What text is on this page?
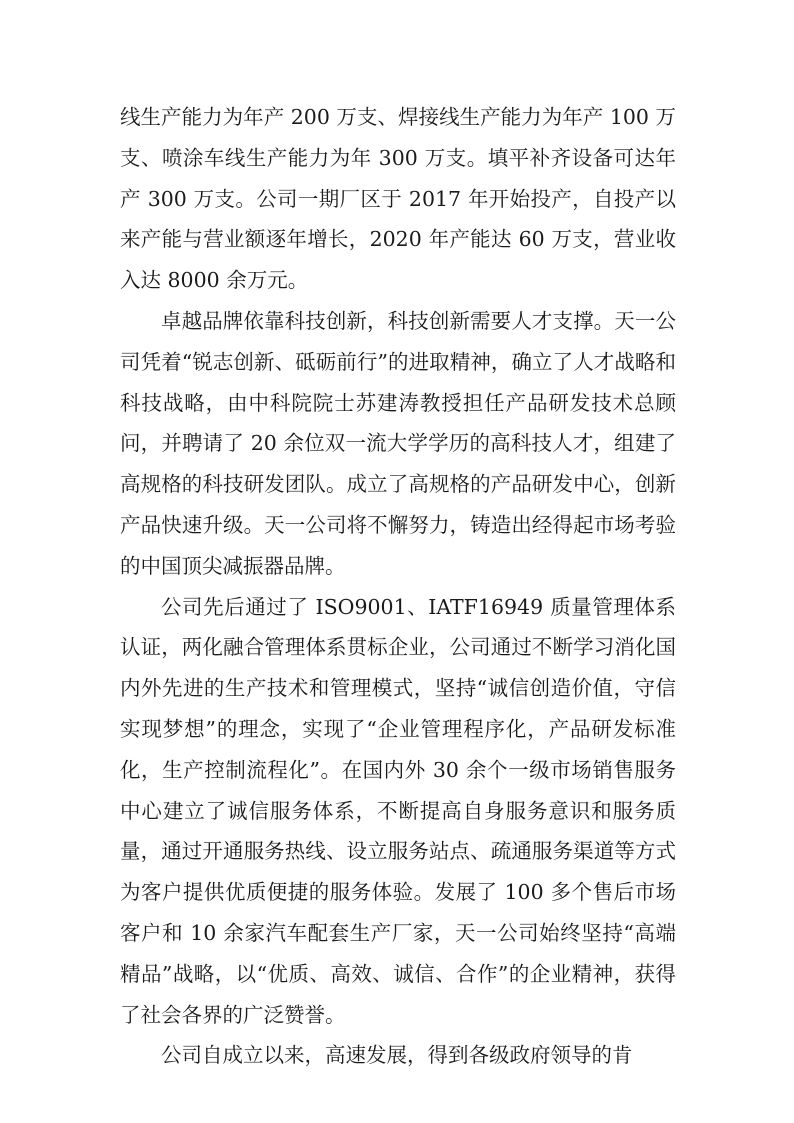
线生产能力为年产 200 万支、焊接线生产能力为年产 100 万支、喷涂车线生产能力为年 300 万支。填平补齐设备可达年产 300 万支。公司一期厂区于 2017 年开始投产，自投产以来产能与营业额逐年增长，2020 年产能达 60 万支，营业收入达 8000 余万元。

卓越品牌依靠科技创新，科技创新需要人才支撑。天一公司凭着“锐志创新、砥砺前行”的进取精神，确立了人才战略和科技战略，由中科院院士苏建涛教授担任产品研发技术总顾问，并聘请了 20 余位双一流大学学历的高科技人才，组建了高规格的科技研发团队。成立了高规格的产品研发中心，创新产品快速升级。天一公司将不懈努力，铸造出经得起市场考验的中国顶尖减振器品牌。

公司先后通过了 ISO9001、IATF16949 质量管理体系认证，两化融合管理体系贯标企业，公司通过不断学习消化国内外先进的生产技术和管理模式，坚持“诚信创造价值，守信实现梦想”的理念，实现了“企业管理程序化，产品研发标准化，生产控制流程化”。在国内外 30 余个一级市场销售服务中心建立了诚信服务体系，不断提高自身服务意识和服务质量，通过开通服务热线、设立服务站点、疏通服务渠道等方式为客户提供优质便捷的服务体验。发展了 100 多个售后市场客户和 10 余家汽车配套生产厂家，天一公司始终坚持“高端精品”战略，以“优质、高效、诚信、合作”的企业精神，获得了社会各界的广泛赞誉。

公司自成立以来，高速发展，得到各级政府领导的肯
